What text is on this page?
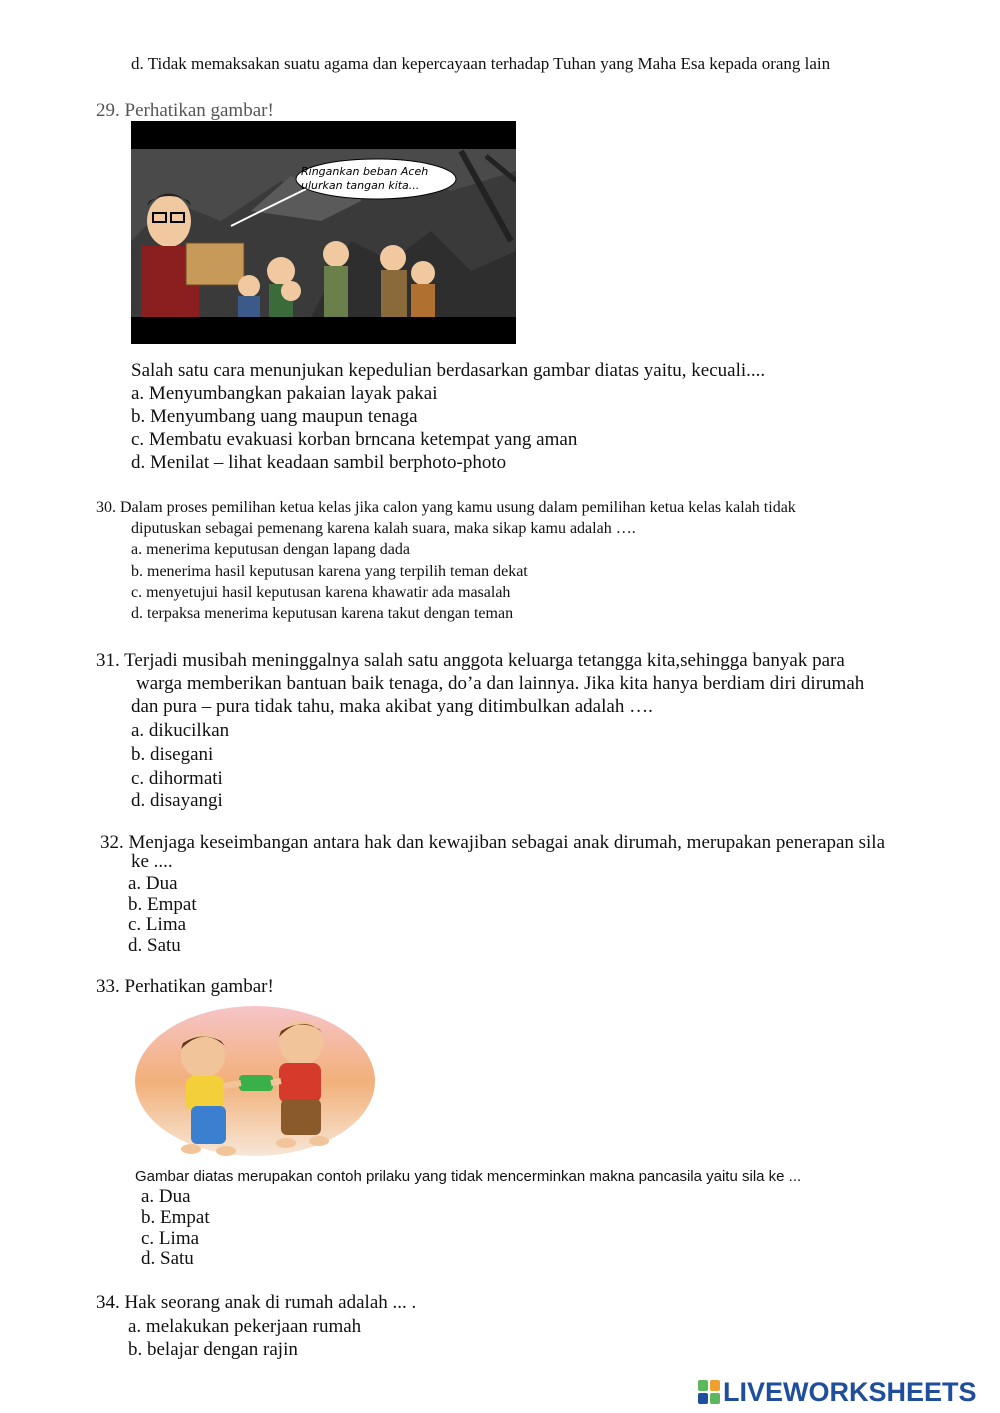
d. Tidak memaksakan suatu agama dan kepercayaan terhadap Tuhan yang Maha Esa kepada orang lain
29. Perhatikan gambar!
Ringankan beban Aceh
ulurkan tangan kita...
Salah satu cara menunjukan kepedulian berdasarkan gambar diatas yaitu, kecuali....
a. Menyumbangkan pakaian layak pakai
b. Menyumbang uang maupun tenaga
c. Membatu evakuasi korban brncana ketempat yang aman
d. Menilat – lihat keadaan sambil berphoto-photo
30. Dalam proses pemilihan ketua kelas jika calon yang kamu usung dalam pemilihan ketua kelas kalah tidak
diputuskan sebagai pemenang karena kalah suara, maka sikap kamu adalah ….
a. menerima keputusan dengan lapang dada
b. menerima hasil keputusan karena yang terpilih teman dekat
c. menyetujui hasil keputusan karena khawatir ada masalah
d. terpaksa menerima keputusan karena takut dengan teman
31. Terjadi musibah meninggalnya salah satu anggota keluarga tetangga kita,sehingga banyak para
warga memberikan bantuan baik tenaga, do’a dan lainnya. Jika kita hanya berdiam diri dirumah
dan pura – pura tidak tahu, maka akibat yang ditimbulkan adalah ….
a. dikucilkan
b. disegani
c. dihormati
d. disayangi
32. Menjaga keseimbangan antara hak dan kewajiban sebagai anak dirumah, merupakan penerapan sila
ke ....
a. Dua
b. Empat
c. Lima
d. Satu
33. Perhatikan gambar!
Gambar diatas merupakan contoh prilaku yang tidak mencerminkan makna pancasila yaitu sila ke ...
a. Dua
b. Empat
c. Lima
d. Satu
34. Hak seorang anak di rumah adalah ... .
a. melakukan pekerjaan rumah
b. belajar dengan rajin
LIVEWORKSHEETS
